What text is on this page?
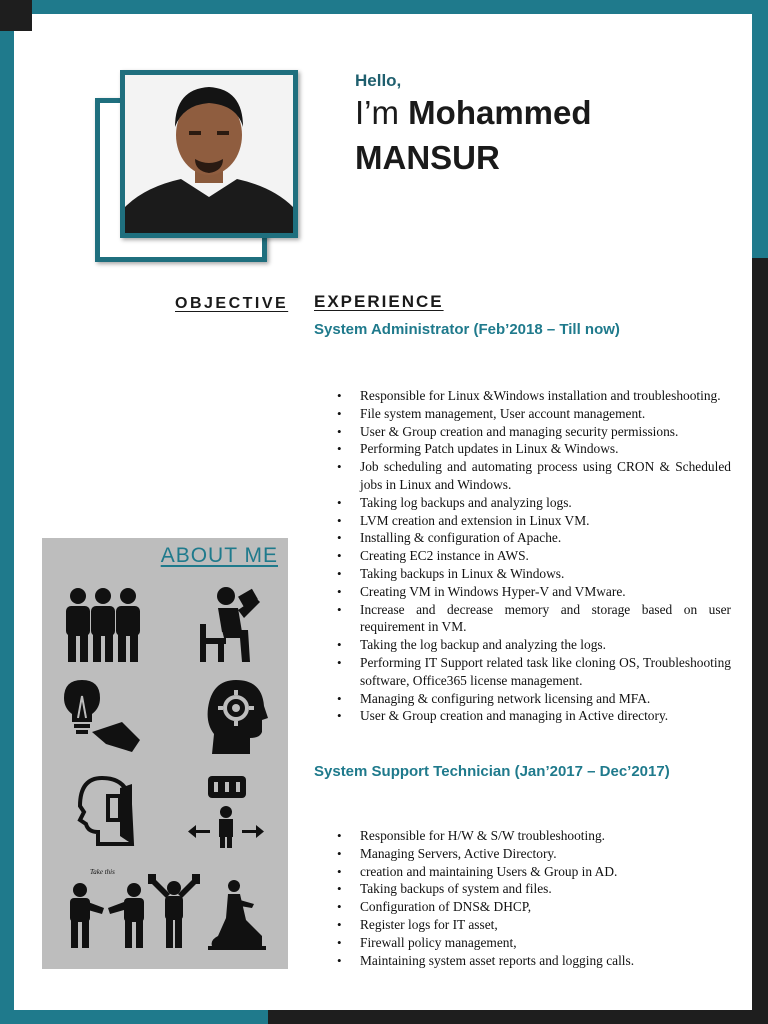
Hello,
I’m Mohammed
MANSUR
OBJECTIVE EXPERIENCE
System Administrator (Feb’2018 – Till now)
• Responsible for Linux &Windows installation and troubleshooting.
• File system management, User account management.
• User & Group creation and managing security permissions.
• Performing Patch updates in Linux & Windows.
• Job scheduling and automating process using CRON & Scheduled jobs in Linux and Windows.
• Taking log backups and analyzing logs.
• LVM creation and extension in Linux VM.
• Installing & configuration of Apache.
• Creating EC2 instance in AWS.
• Taking backups in Linux & Windows.
• Creating VM in Windows Hyper-V and VMware.
• Increase and decrease memory and storage based on user requirement in VM.
• Taking the log backup and analyzing the logs.
• Performing IT Support related task like cloning OS, Troubleshooting software, Office365 license management.
• Managing & configuring network licensing and MFA.
• User & Group creation and managing in Active directory.
System Support Technician (Jan’2017 – Dec’2017)
• Responsible for H/W & S/W troubleshooting.
• Managing Servers, Active Directory.
• creation and maintaining Users & Group in AD.
• Taking backups of system and files.
• Configuration of DNS& DHCP,
• Register logs for IT asset,
• Firewall policy management,
• Maintaining system asset reports and logging calls.
ABOUT ME
Take this
